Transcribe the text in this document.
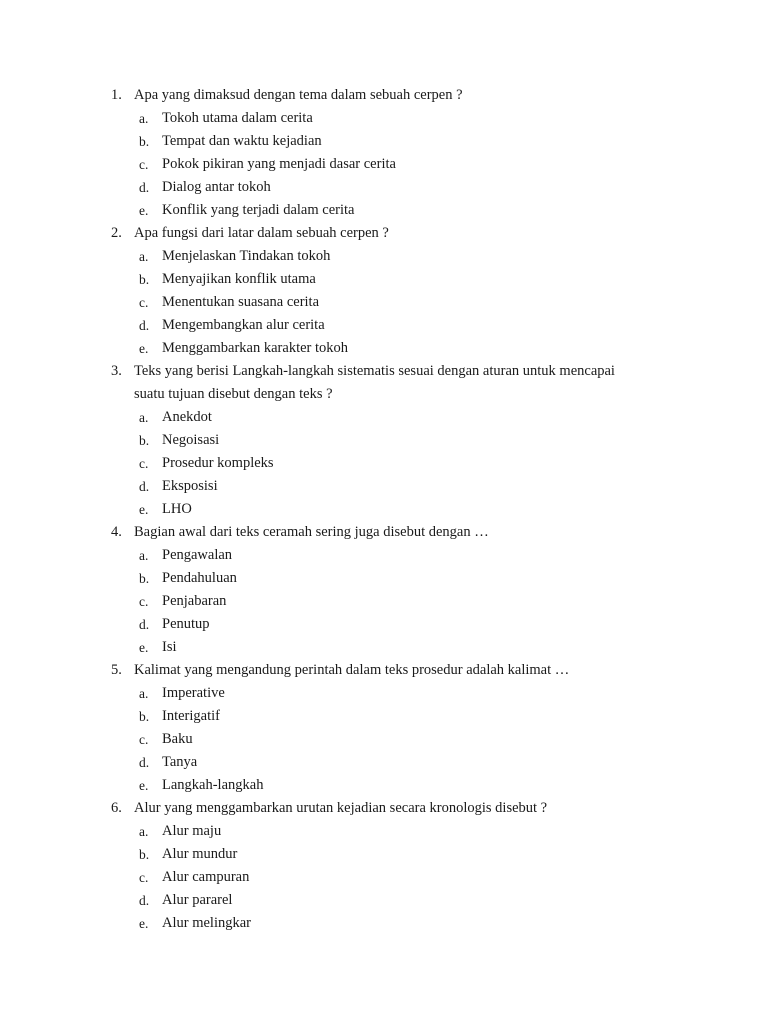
1. Apa yang dimaksud dengan tema dalam sebuah cerpen ?
a. Tokoh utama dalam cerita
b. Tempat dan waktu kejadian
c. Pokok pikiran yang menjadi dasar cerita
d. Dialog antar tokoh
e. Konflik yang terjadi dalam cerita
2. Apa fungsi dari latar dalam sebuah cerpen ?
a. Menjelaskan Tindakan tokoh
b. Menyajikan konflik utama
c. Menentukan suasana cerita
d. Mengembangkan alur cerita
e. Menggambarkan karakter tokoh
3. Teks yang berisi Langkah-langkah sistematis sesuai dengan aturan untuk mencapai suatu tujuan disebut dengan teks ?
a. Anekdot
b. Negoisasi
c. Prosedur kompleks
d. Eksposisi
e. LHO
4. Bagian awal dari teks ceramah sering juga disebut dengan …
a. Pengawalan
b. Pendahuluan
c. Penjabaran
d. Penutup
e. Isi
5. Kalimat yang mengandung perintah dalam teks prosedur adalah kalimat …
a. Imperative
b. Interigatif
c. Baku
d. Tanya
e. Langkah-langkah
6. Alur yang menggambarkan urutan kejadian secara kronologis disebut ?
a. Alur maju
b. Alur mundur
c. Alur campuran
d. Alur pararel
e. Alur melingkar
